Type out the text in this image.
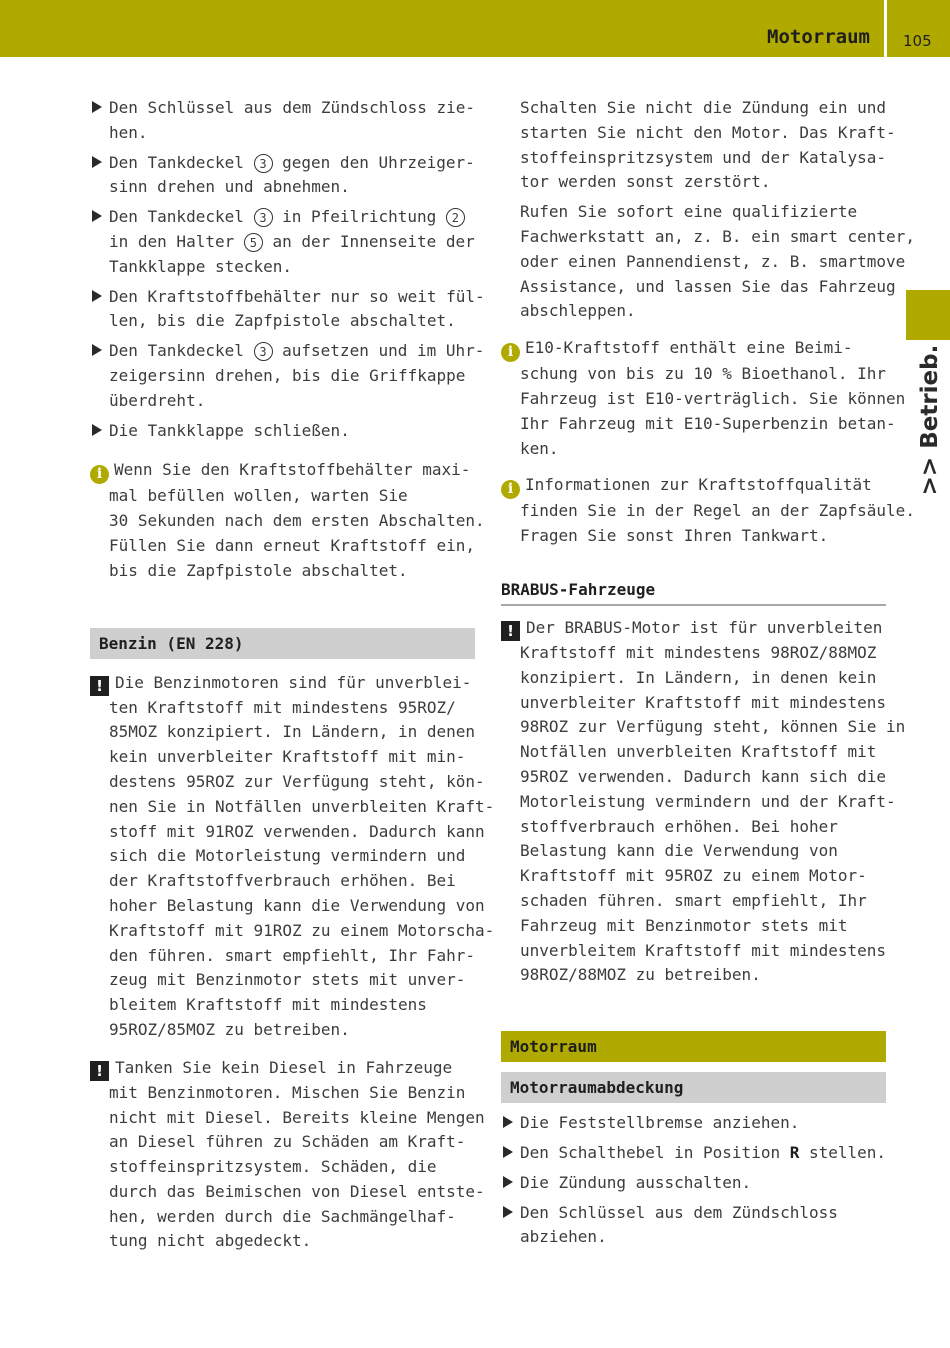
Motorraum 105
>> Betrieb.
Den Schlüssel aus dem Zündschloss zie-
hen.
Den Tankdeckel 3 gegen den Uhrzeiger-
sinn drehen und abnehmen.
Den Tankdeckel 3 in Pfeilrichtung 2
in den Halter 5 an der Innenseite der
Tankklappe stecken.
Den Kraftstoffbehälter nur so weit fül-
len, bis die Zapfpistole abschaltet.
Den Tankdeckel 3 aufsetzen und im Uhr-
zeigersinn drehen, bis die Griffkappe
überdreht.
Die Tankklappe schließen.
i Wenn Sie den Kraftstoffbehälter maxi-
mal befüllen wollen, warten Sie
30 Sekunden nach dem ersten Abschalten.
Füllen Sie dann erneut Kraftstoff ein,
bis die Zapfpistole abschaltet.
Benzin (EN 228)
! Die Benzinmotoren sind für unverblei-
ten Kraftstoff mit mindestens 95ROZ/
85MOZ konzipiert. In Ländern, in denen
kein unverbleiter Kraftstoff mit min-
destens 95ROZ zur Verfügung steht, kön-
nen Sie in Notfällen unverbleiten Kraft-
stoff mit 91ROZ verwenden. Dadurch kann
sich die Motorleistung vermindern und
der Kraftstoffverbrauch erhöhen. Bei
hoher Belastung kann die Verwendung von
Kraftstoff mit 91ROZ zu einem Motorscha-
den führen. smart empfiehlt, Ihr Fahr-
zeug mit Benzinmotor stets mit unver-
bleitem Kraftstoff mit mindestens
95ROZ/85MOZ zu betreiben.
! Tanken Sie kein Diesel in Fahrzeuge
mit Benzinmotoren. Mischen Sie Benzin
nicht mit Diesel. Bereits kleine Mengen
an Diesel führen zu Schäden am Kraft-
stoffeinspritzsystem. Schäden, die
durch das Beimischen von Diesel entste-
hen, werden durch die Sachmängelhaf-
tung nicht abgedeckt.
Schalten Sie nicht die Zündung ein und
starten Sie nicht den Motor. Das Kraft-
stoffeinspritzsystem und der Katalysa-
tor werden sonst zerstört.
Rufen Sie sofort eine qualifizierte
Fachwerkstatt an, z. B. ein smart center,
oder einen Pannendienst, z. B. smartmove
Assistance, und lassen Sie das Fahrzeug
abschleppen.
i E10-Kraftstoff enthält eine Beimi-
schung von bis zu 10 % Bioethanol. Ihr
Fahrzeug ist E10-verträglich. Sie können
Ihr Fahrzeug mit E10-Superbenzin betan-
ken.
i Informationen zur Kraftstoffqualität
finden Sie in der Regel an der Zapfsäule.
Fragen Sie sonst Ihren Tankwart.
BRABUS-Fahrzeuge
! Der BRABUS-Motor ist für unverbleiten
Kraftstoff mit mindestens 98ROZ/88MOZ
konzipiert. In Ländern, in denen kein
unverbleiter Kraftstoff mit mindestens
98ROZ zur Verfügung steht, können Sie in
Notfällen unverbleiten Kraftstoff mit
95ROZ verwenden. Dadurch kann sich die
Motorleistung vermindern und der Kraft-
stoffverbrauch erhöhen. Bei hoher
Belastung kann die Verwendung von
Kraftstoff mit 95ROZ zu einem Motor-
schaden führen. smart empfiehlt, Ihr
Fahrzeug mit Benzinmotor stets mit
unverbleitem Kraftstoff mit mindestens
98ROZ/88MOZ zu betreiben.
Motorraum
Motorraumabdeckung
Die Feststellbremse anziehen.
Den Schalthebel in Position R stellen.
Die Zündung ausschalten.
Den Schlüssel aus dem Zündschloss
abziehen.
